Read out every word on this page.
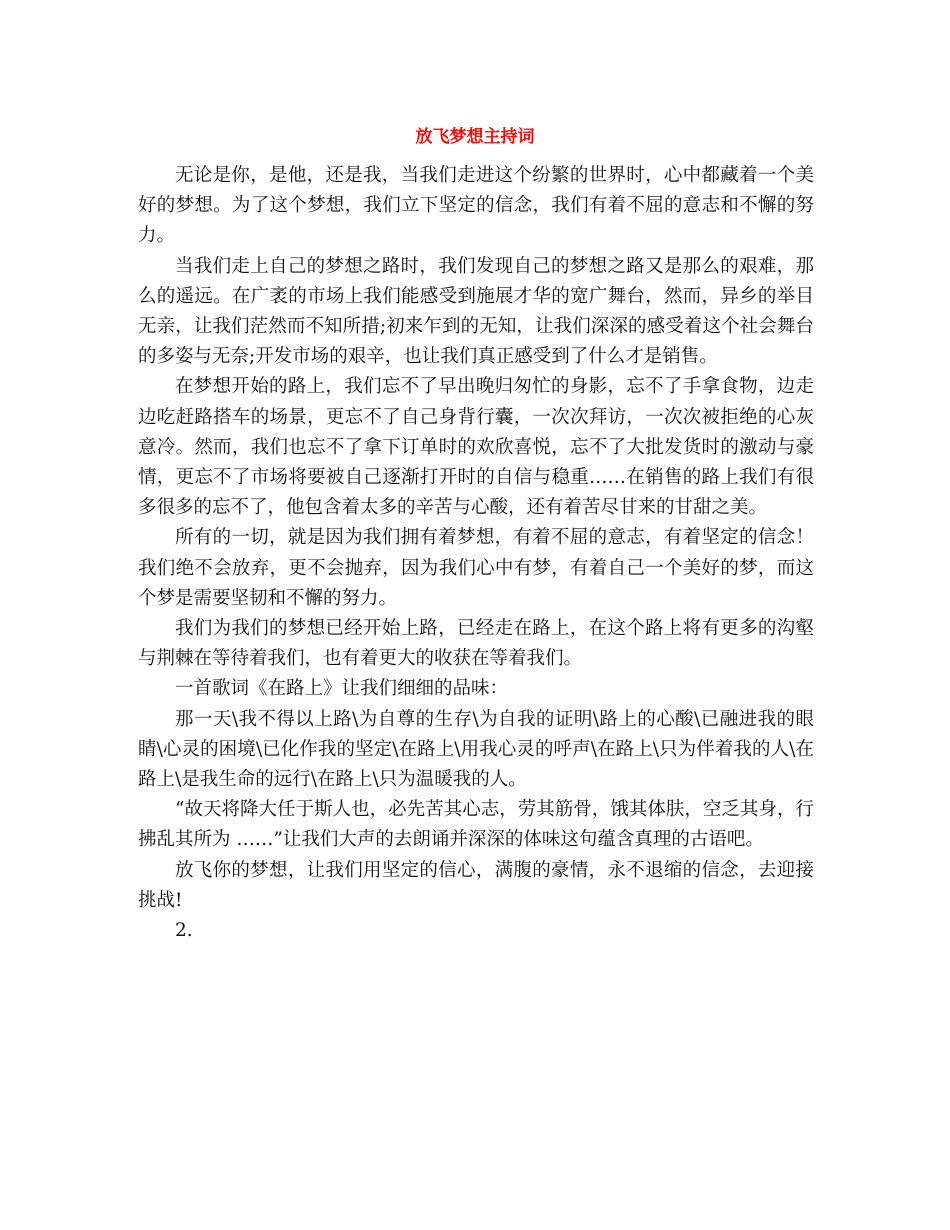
放飞梦想主持词

无论是你，是他，还是我，当我们走进这个纷繁的世界时，心中都藏着一个美好的梦想。为了这个梦想，我们立下坚定的信念，我们有着不屈的意志和不懈的努力。

当我们走上自己的梦想之路时，我们发现自己的梦想之路又是那么的艰难，那么的遥远。在广袤的市场上我们能感受到施展才华的宽广舞台，然而，异乡的举目无亲，让我们茫然而不知所措;初来乍到的无知，让我们深深的感受着这个社会舞台的多姿与无奈;开发市场的艰辛，也让我们真正感受到了什么才是销售。

在梦想开始的路上，我们忘不了早出晚归匆忙的身影，忘不了手拿食物，边走边吃赶路搭车的场景，更忘不了自己身背行囊，一次次拜访，一次次被拒绝的心灰意冷。然而，我们也忘不了拿下订单时的欢欣喜悦，忘不了大批发货时的激动与豪情，更忘不了市场将要被自己逐渐打开时的自信与稳重……在销售的路上我们有很多很多的忘不了，他包含着太多的辛苦与心酸，还有着苦尽甘来的甘甜之美。

所有的一切，就是因为我们拥有着梦想，有着不屈的意志，有着坚定的信念！我们绝不会放弃，更不会抛弃，因为我们心中有梦，有着自己一个美好的梦，而这个梦是需要坚韧和不懈的努力。

我们为我们的梦想已经开始上路，已经走在路上，在这个路上将有更多的沟壑与荆棘在等待着我们，也有着更大的收获在等着我们。

一首歌词《在路上》让我们细细的品味：

那一天\我不得以上路\为自尊的生存\为自我的证明\路上的心酸\已融进我的眼睛\心灵的困境\已化作我的坚定\在路上\用我心灵的呼声\在路上\只为伴着我的人\在路上\是我生命的远行\在路上\只为温暖我的人。

“故天将降大任于斯人也，必先苦其心志，劳其筋骨，饿其体肤，空乏其身，行拂乱其所为 ……”让我们大声的去朗诵并深深的体味这句蕴含真理的古语吧。

放飞你的梦想，让我们用坚定的信心，满腹的豪情，永不退缩的信念，去迎接挑战!

2.
